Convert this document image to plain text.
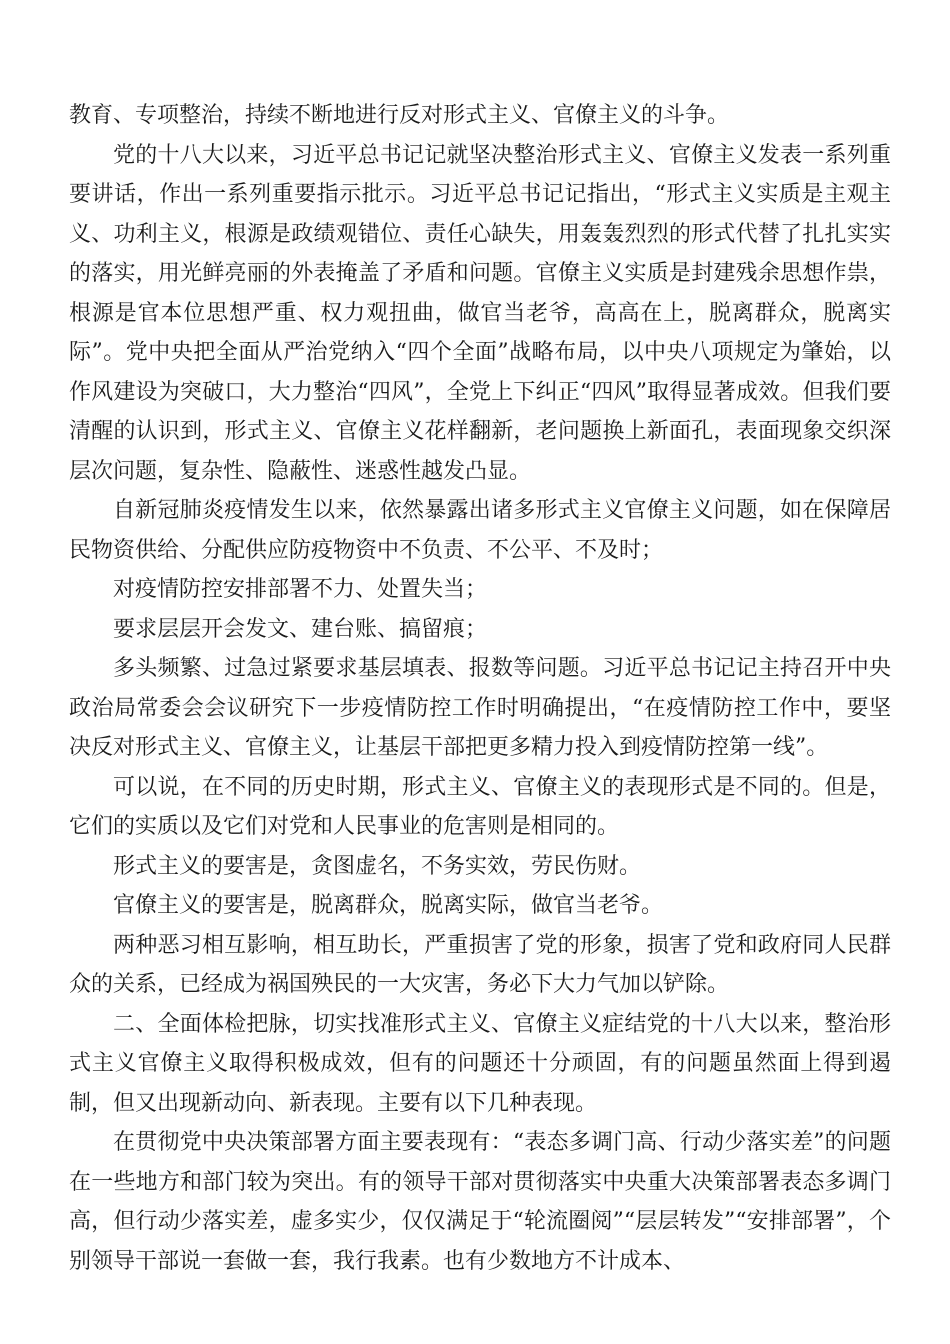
教育、专项整治，持续不断地进行反对形式主义、官僚主义的斗争。

党的十八大以来，习近平总书记记就坚决整治形式主义、官僚主义发表一系列重要讲话，作出一系列重要指示批示。习近平总书记记指出，“形式主义实质是主观主义、功利主义，根源是政绩观错位、责任心缺失，用轰轰烈烈的形式代替了扎扎实实的落实，用光鲜亮丽的外表掩盖了矛盾和问题。官僚主义实质是封建残余思想作祟，根源是官本位思想严重、权力观扭曲，做官当老爷，高高在上，脱离群众，脱离实际”。党中央把全面从严治党纳入“四个全面”战略布局，以中央八项规定为肇始，以作风建设为突破口，大力整治“四风”，全党上下纠正“四风”取得显著成效。但我们要清醒的认识到，形式主义、官僚主义花样翻新，老问题换上新面孔，表面现象交织深层次问题，复杂性、隐蔽性、迷惑性越发凸显。

自新冠肺炎疫情发生以来，依然暴露出诸多形式主义官僚主义问题，如在保障居民物资供给、分配供应防疫物资中不负责、不公平、不及时；

对疫情防控安排部署不力、处置失当；

要求层层开会发文、建台账、搞留痕；

多头频繁、过急过紧要求基层填表、报数等问题。习近平总书记记主持召开中央政治局常委会会议研究下一步疫情防控工作时明确提出，“在疫情防控工作中，要坚决反对形式主义、官僚主义，让基层干部把更多精力投入到疫情防控第一线”。

可以说，在不同的历史时期，形式主义、官僚主义的表现形式是不同的。但是，它们的实质以及它们对党和人民事业的危害则是相同的。

形式主义的要害是，贪图虚名，不务实效，劳民伤财。

官僚主义的要害是，脱离群众，脱离实际，做官当老爷。

两种恶习相互影响，相互助长，严重损害了党的形象，损害了党和政府同人民群众的关系，已经成为祸国殃民的一大灾害，务必下大力气加以铲除。

二、全面体检把脉，切实找准形式主义、官僚主义症结党的十八大以来，整治形式主义官僚主义取得积极成效，但有的问题还十分顽固，有的问题虽然面上得到遏制，但又出现新动向、新表现。主要有以下几种表现。

在贯彻党中央决策部署方面主要表现有：“表态多调门高、行动少落实差”的问题在一些地方和部门较为突出。有的领导干部对贯彻落实中央重大决策部署表态多调门高，但行动少落实差，虚多实少，仅仅满足于“轮流圈阅”“层层转发”“安排部署”，个别领导干部说一套做一套，我行我素。也有少数地方不计成本、
